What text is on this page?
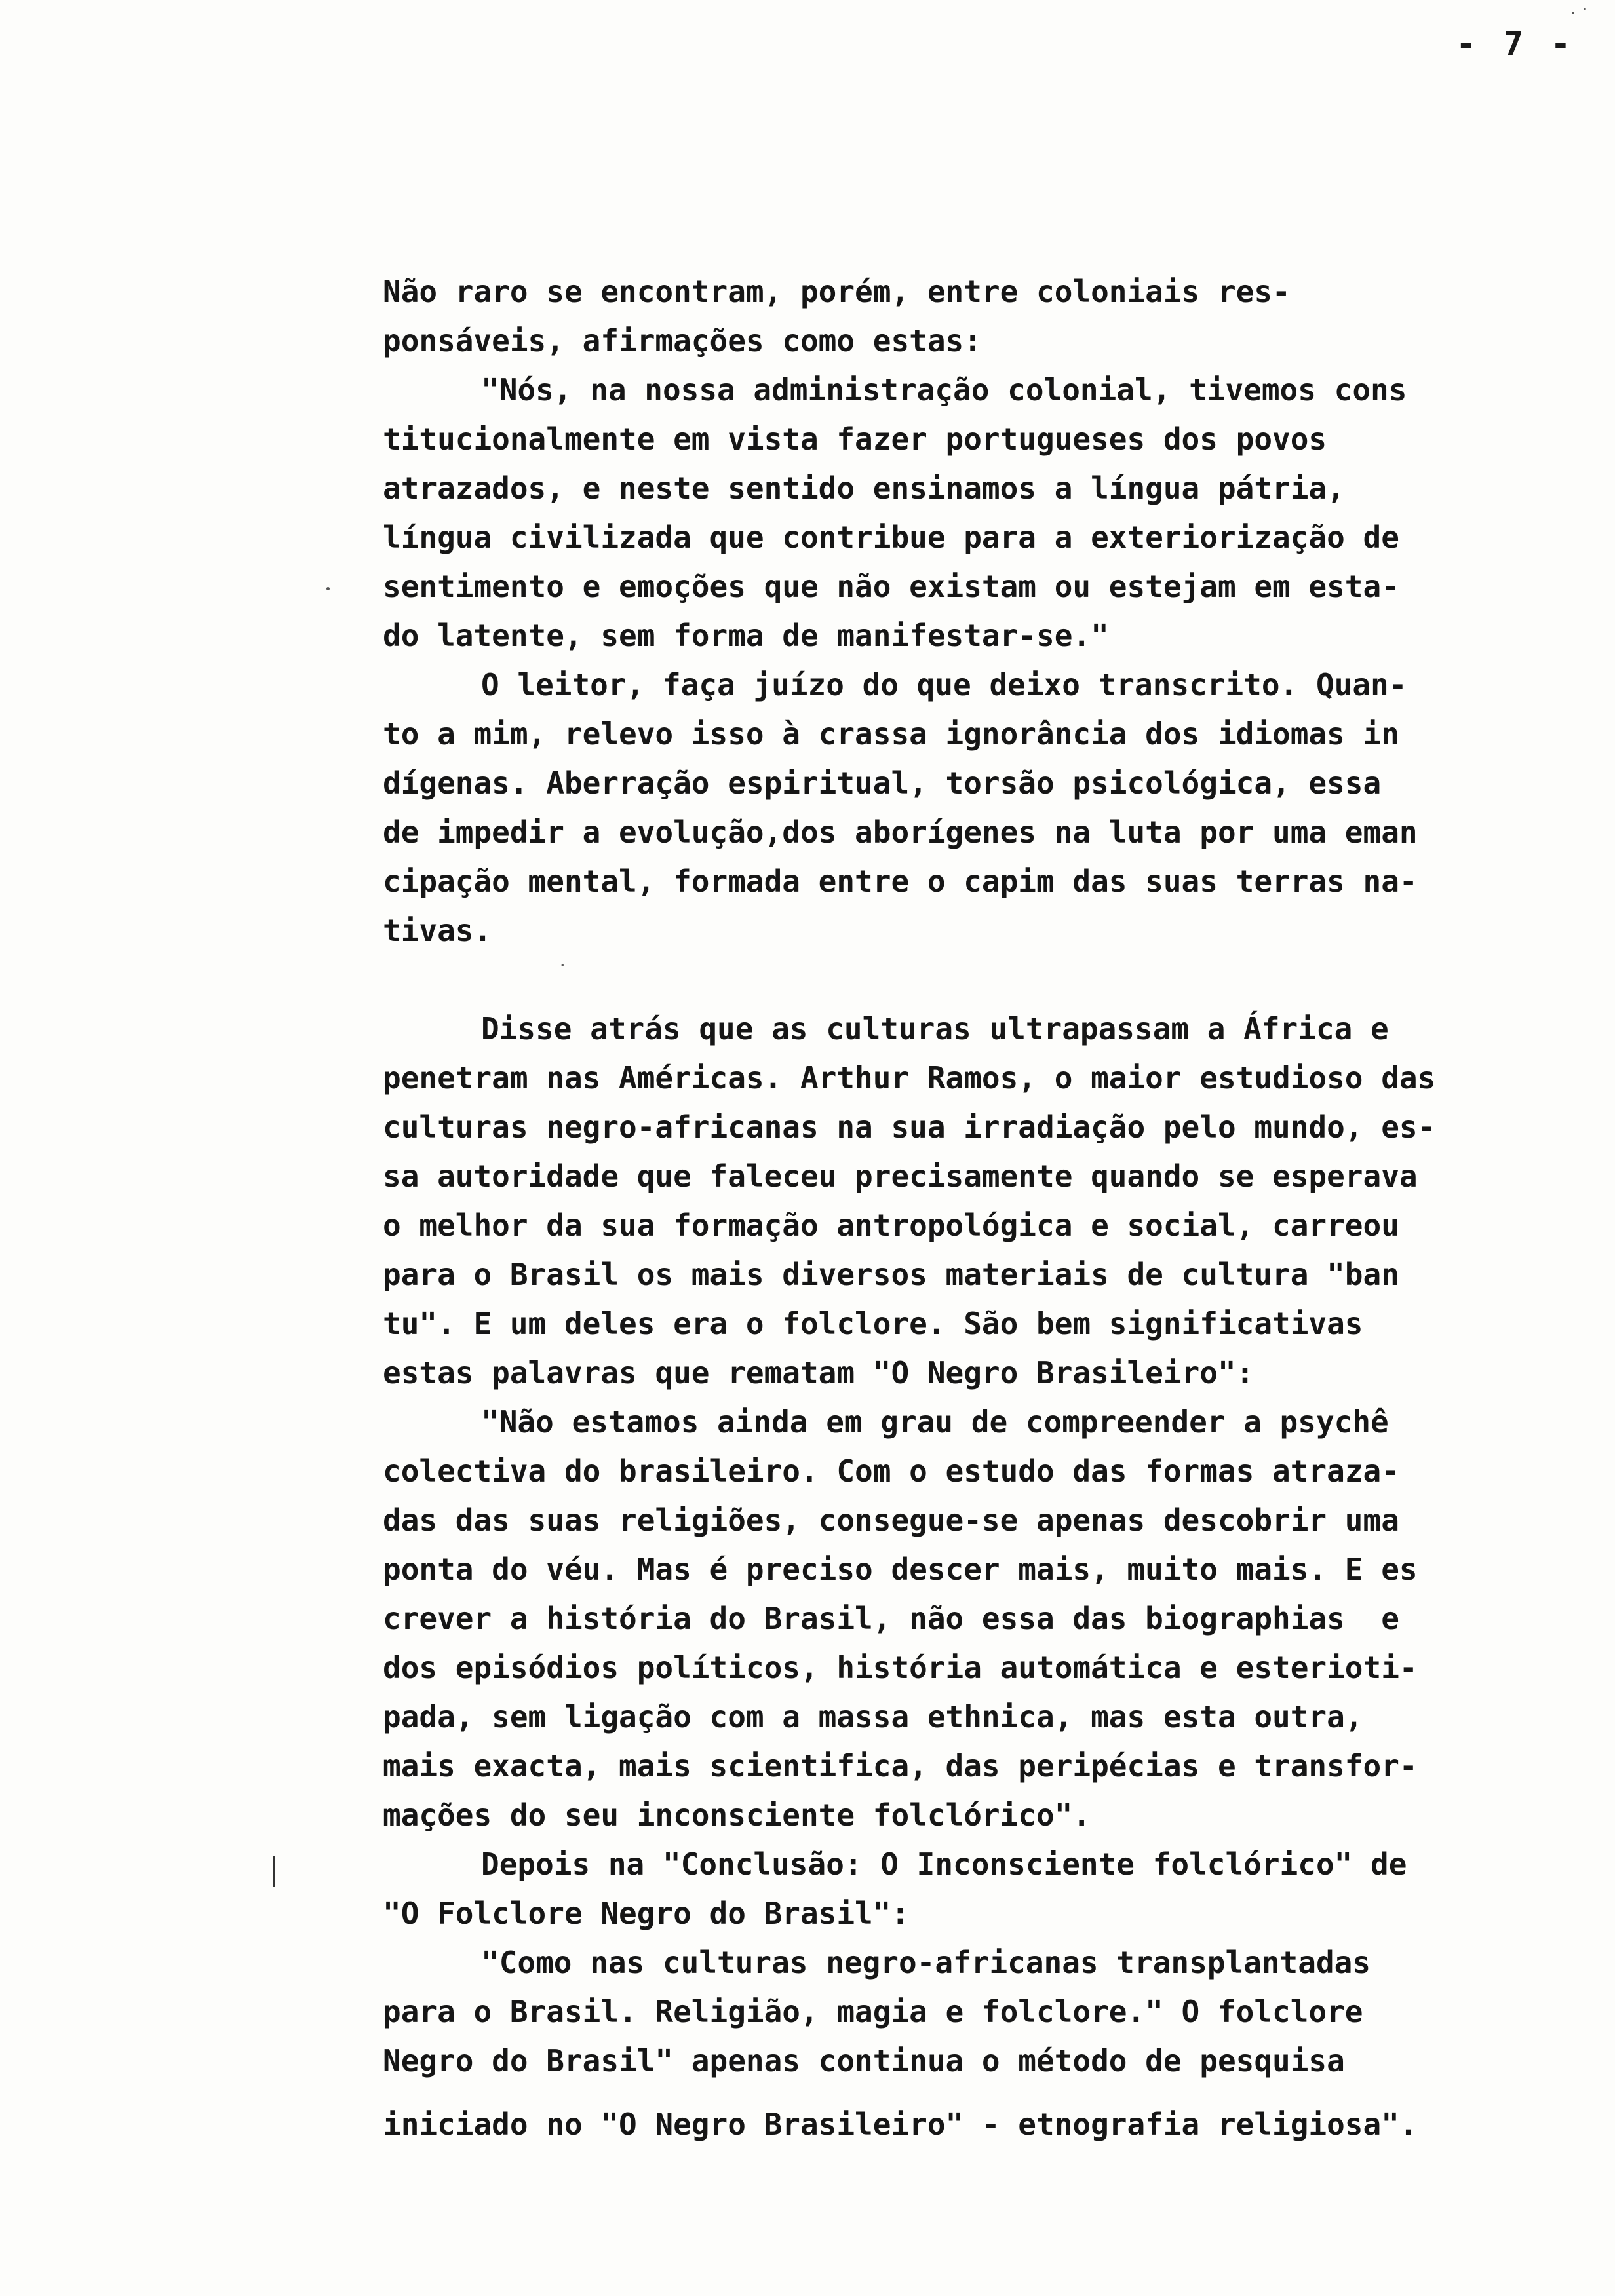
- 7 -
Não raro se encontram, porém, entre coloniais res-
ponsáveis, afirmações como estas:
"Nós, na nossa administração colonial, tivemos cons
titucionalmente em vista fazer portugueses dos povos
atrazados, e neste sentido ensinamos a língua pátria,
língua civilizada que contribue para a exteriorização de
sentimento e emoções que não existam ou estejam em esta-
do latente, sem forma de manifestar-se."
O leitor, faça juízo do que deixo transcrito. Quan-
to a mim, relevo isso à crassa ignorância dos idiomas in
dígenas. Aberração espiritual, torsão psicológica, essa
de impedir a evolução,dos aborígenes na luta por uma eman
cipação mental, formada entre o capim das suas terras na-
tivas.
Disse atrás que as culturas ultrapassam a África e
penetram nas Américas. Arthur Ramos, o maior estudioso das
culturas negro-africanas na sua irradiação pelo mundo, es-
sa autoridade que faleceu precisamente quando se esperava
o melhor da sua formação antropológica e social, carreou
para o Brasil os mais diversos materiais de cultura "ban
tu". E um deles era o folclore. São bem significativas
estas palavras que rematam "O Negro Brasileiro":
"Não estamos ainda em grau de compreender a psychê
colectiva do brasileiro. Com o estudo das formas atraza-
das das suas religiões, consegue-se apenas descobrir uma
ponta do véu. Mas é preciso descer mais, muito mais. E es
crever a história do Brasil, não essa das biographias  e
dos episódios políticos, história automática e esterioti-
pada, sem ligação com a massa ethnica, mas esta outra,
mais exacta, mais scientifica, das peripécias e transfor-
mações do seu inconsciente folclórico".
Depois na "Conclusão: O Inconsciente folclórico" de
"O Folclore Negro do Brasil":
"Como nas culturas negro-africanas transplantadas
para o Brasil. Religião, magia e folclore." O folclore
Negro do Brasil" apenas continua o método de pesquisa
iniciado no "O Negro Brasileiro" - etnografia religiosa".
